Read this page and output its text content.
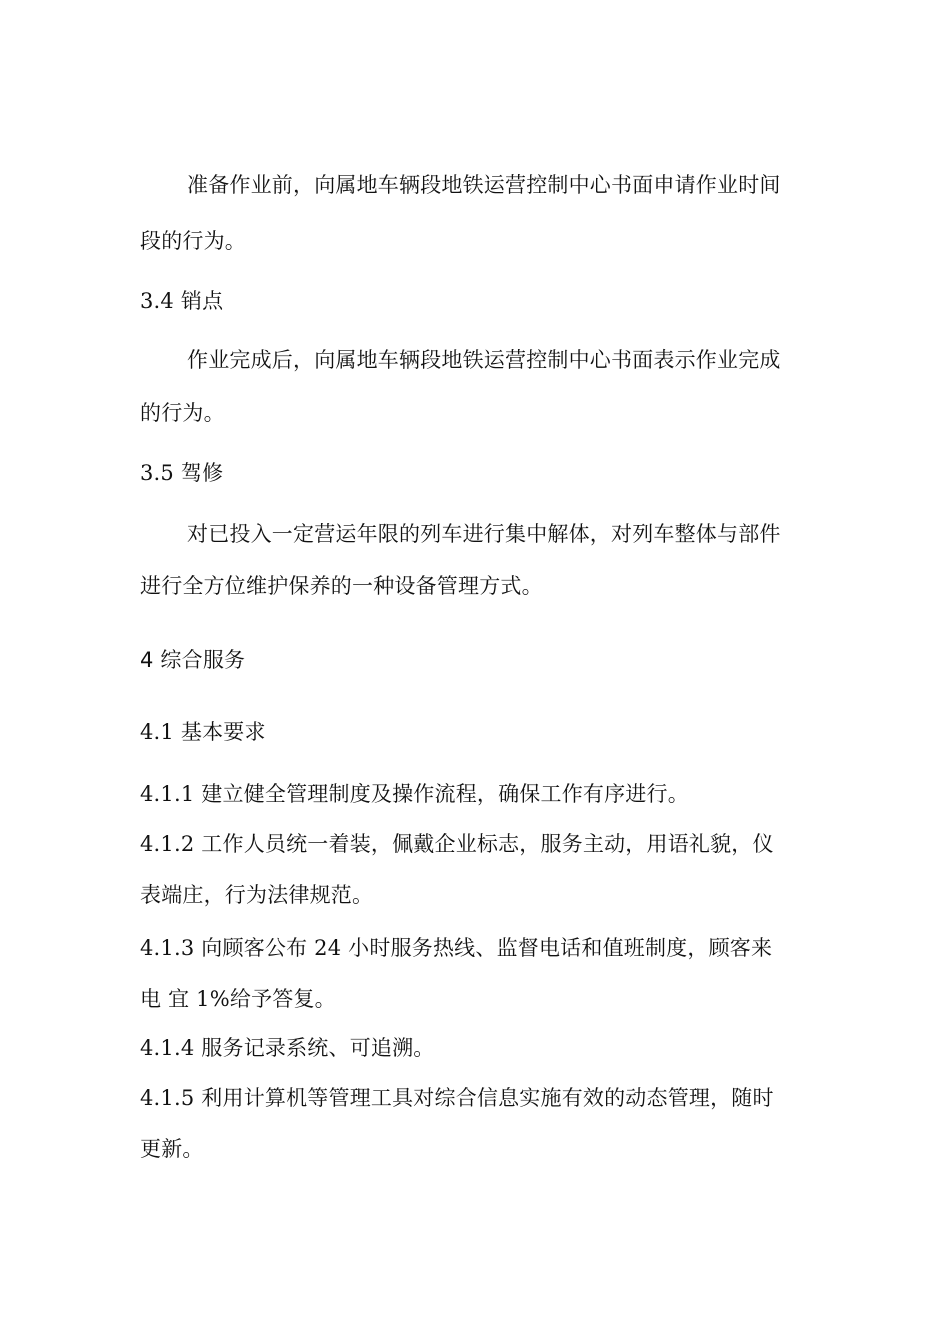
准备作业前，向属地车辆段地铁运营控制中心书面申请作业时间
段的行为。
3.4 销点
作业完成后，向属地车辆段地铁运营控制中心书面表示作业完成
的行为。
3.5 驾修
对已投入一定营运年限的列车进行集中解体，对列车整体与部件
进行全方位维护保养的一种设备管理方式。
4 综合服务
4.1 基本要求
4.1.1 建立健全管理制度及操作流程，确保工作有序进行。
4.1.2 工作人员统一着装，佩戴企业标志，服务主动，用语礼貌，仪
表端庄，行为法律规范。
4.1.3 向顾客公布 24 小时服务热线、监督电话和值班制度，顾客来
电 宜 1%给予答复。
4.1.4 服务记录系统、可追溯。
4.1.5 利用计算机等管理工具对综合信息实施有效的动态管理，随时
更新。
